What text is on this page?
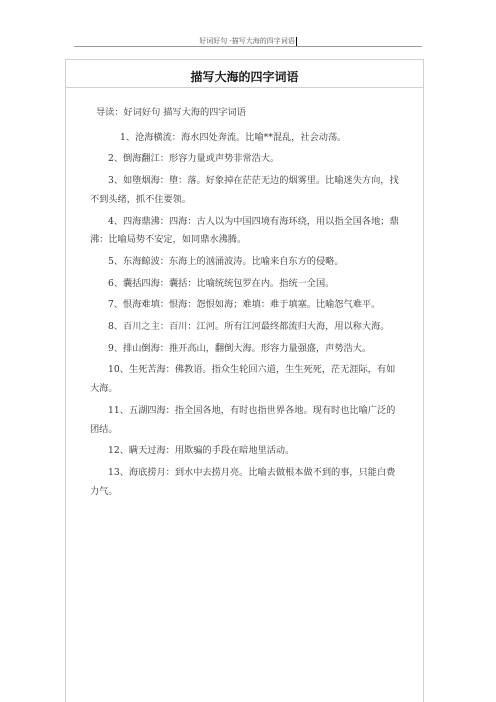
好词好句 -描写大海的四字词语
描写大海的四字词语

导读：好词好句 描写大海的四字词语

1、沧海横流：海水四处奔流。比喻**混乱，社会动荡。

2、倒海翻江：形容力量或声势非常浩大。

3、如堕烟海：堕：落。好象掉在茫茫无边的烟雾里。比喻迷失方向，找不到头绪，抓不住要领。

4、四海鼎沸：四海：古人以为中国四境有海环绕，用以指全国各地；鼎沸：比喻局势不安定，如同鼎水沸腾。

5、东海鲸波：东海上的汹涌波涛。比喻来自东方的侵略。

6、囊括四海：囊括：比喻统统包罗在内。指统一全国。

7、恨海难填：恨海：怨恨如海；难填：难于填塞。比喻怨气难平。

8、百川之主：百川：江河。所有江河最终都流归大海，用以称大海。

9、排山倒海：推开高山，翻倒大海。形容力量强盛，声势浩大。

10、生死苦海：佛教语。指众生轮回六道，生生死死，茫无涯际，有如大海。

11、五湖四海：指全国各地，有时也指世界各地。现有时也比喻广泛的团结。

12、瞒天过海：用欺骗的手段在暗地里活动。

13、海底捞月：到水中去捞月亮。比喻去做根本做不到的事，只能白费力气。
